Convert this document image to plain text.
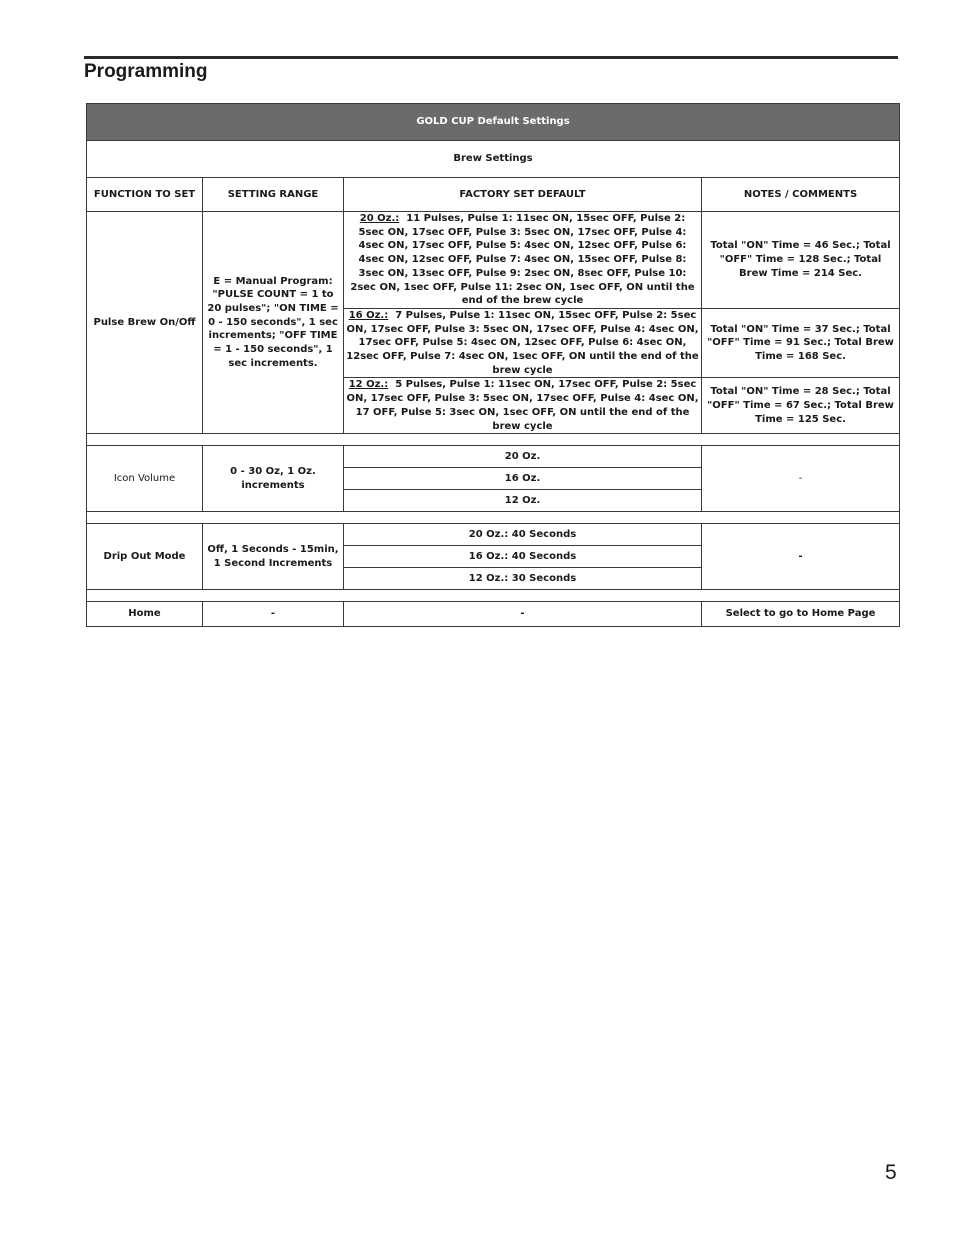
Programming
GOLD CUP Default Settings			
Brew Settings			
FUNCTION TO SET	SETTING RANGE	FACTORY SET DEFAULT	NOTES / COMMENTS
Pulse Brew On/Off	E = Manual Program: "PULSE COUNT = 1 to 20 pulses"; "ON TIME = 0 - 150 seconds", 1 sec increments; "OFF TIME = 1 - 150 seconds", 1 sec increments.	20 Oz.: 11 Pulses, Pulse 1: 11sec ON, 15sec OFF, Pulse 2: 5sec ON, 17sec OFF, Pulse 3: 5sec ON, 17sec OFF, Pulse 4: 4sec ON, 17sec OFF, Pulse 5: 4sec ON, 12sec OFF, Pulse 6: 4sec ON, 12sec OFF, Pulse 7: 4sec ON, 15sec OFF, Pulse 8: 3sec ON, 13sec OFF, Pulse 9: 2sec ON, 8sec OFF, Pulse 10: 2sec ON, 1sec OFF, Pulse 11: 2sec ON, 1sec OFF, ON until the end of the brew cycle	Total "ON" Time = 46 Sec.; Total "OFF" Time = 128 Sec.; Total Brew Time = 214 Sec.
		16 Oz.: 7 Pulses, Pulse 1: 11sec ON, 15sec OFF, Pulse 2: 5sec ON, 17sec OFF, Pulse 3: 5sec ON, 17sec OFF, Pulse 4: 4sec ON, 17sec OFF, Pulse 5: 4sec ON, 12sec OFF, Pulse 6: 4sec ON, 12sec OFF, Pulse 7: 4sec ON, 1sec OFF, ON until the end of the brew cycle	Total "ON" Time = 37 Sec.; Total "OFF" Time = 91 Sec.; Total Brew Time = 168 Sec.
		12 Oz.: 5 Pulses, Pulse 1: 11sec ON, 17sec OFF, Pulse 2: 5sec ON, 17sec OFF, Pulse 3: 5sec ON, 17sec OFF, Pulse 4: 4sec ON, 17 OFF, Pulse 5: 3sec ON, 1sec OFF, ON until the end of the brew cycle	Total "ON" Time = 28 Sec.; Total "OFF" Time = 67 Sec.; Total Brew Time = 125 Sec.

Icon Volume	0 - 30 Oz, 1 Oz. increments	20 Oz.	-
		16 Oz.	
		12 Oz.	

Drip Out Mode	Off, 1 Seconds - 15min, 1 Second Increments	20 Oz.: 40 Seconds	-
		16 Oz.: 40 Seconds	
		12 Oz.: 30 Seconds	

Home	-	-	Select to go to Home Page
5
